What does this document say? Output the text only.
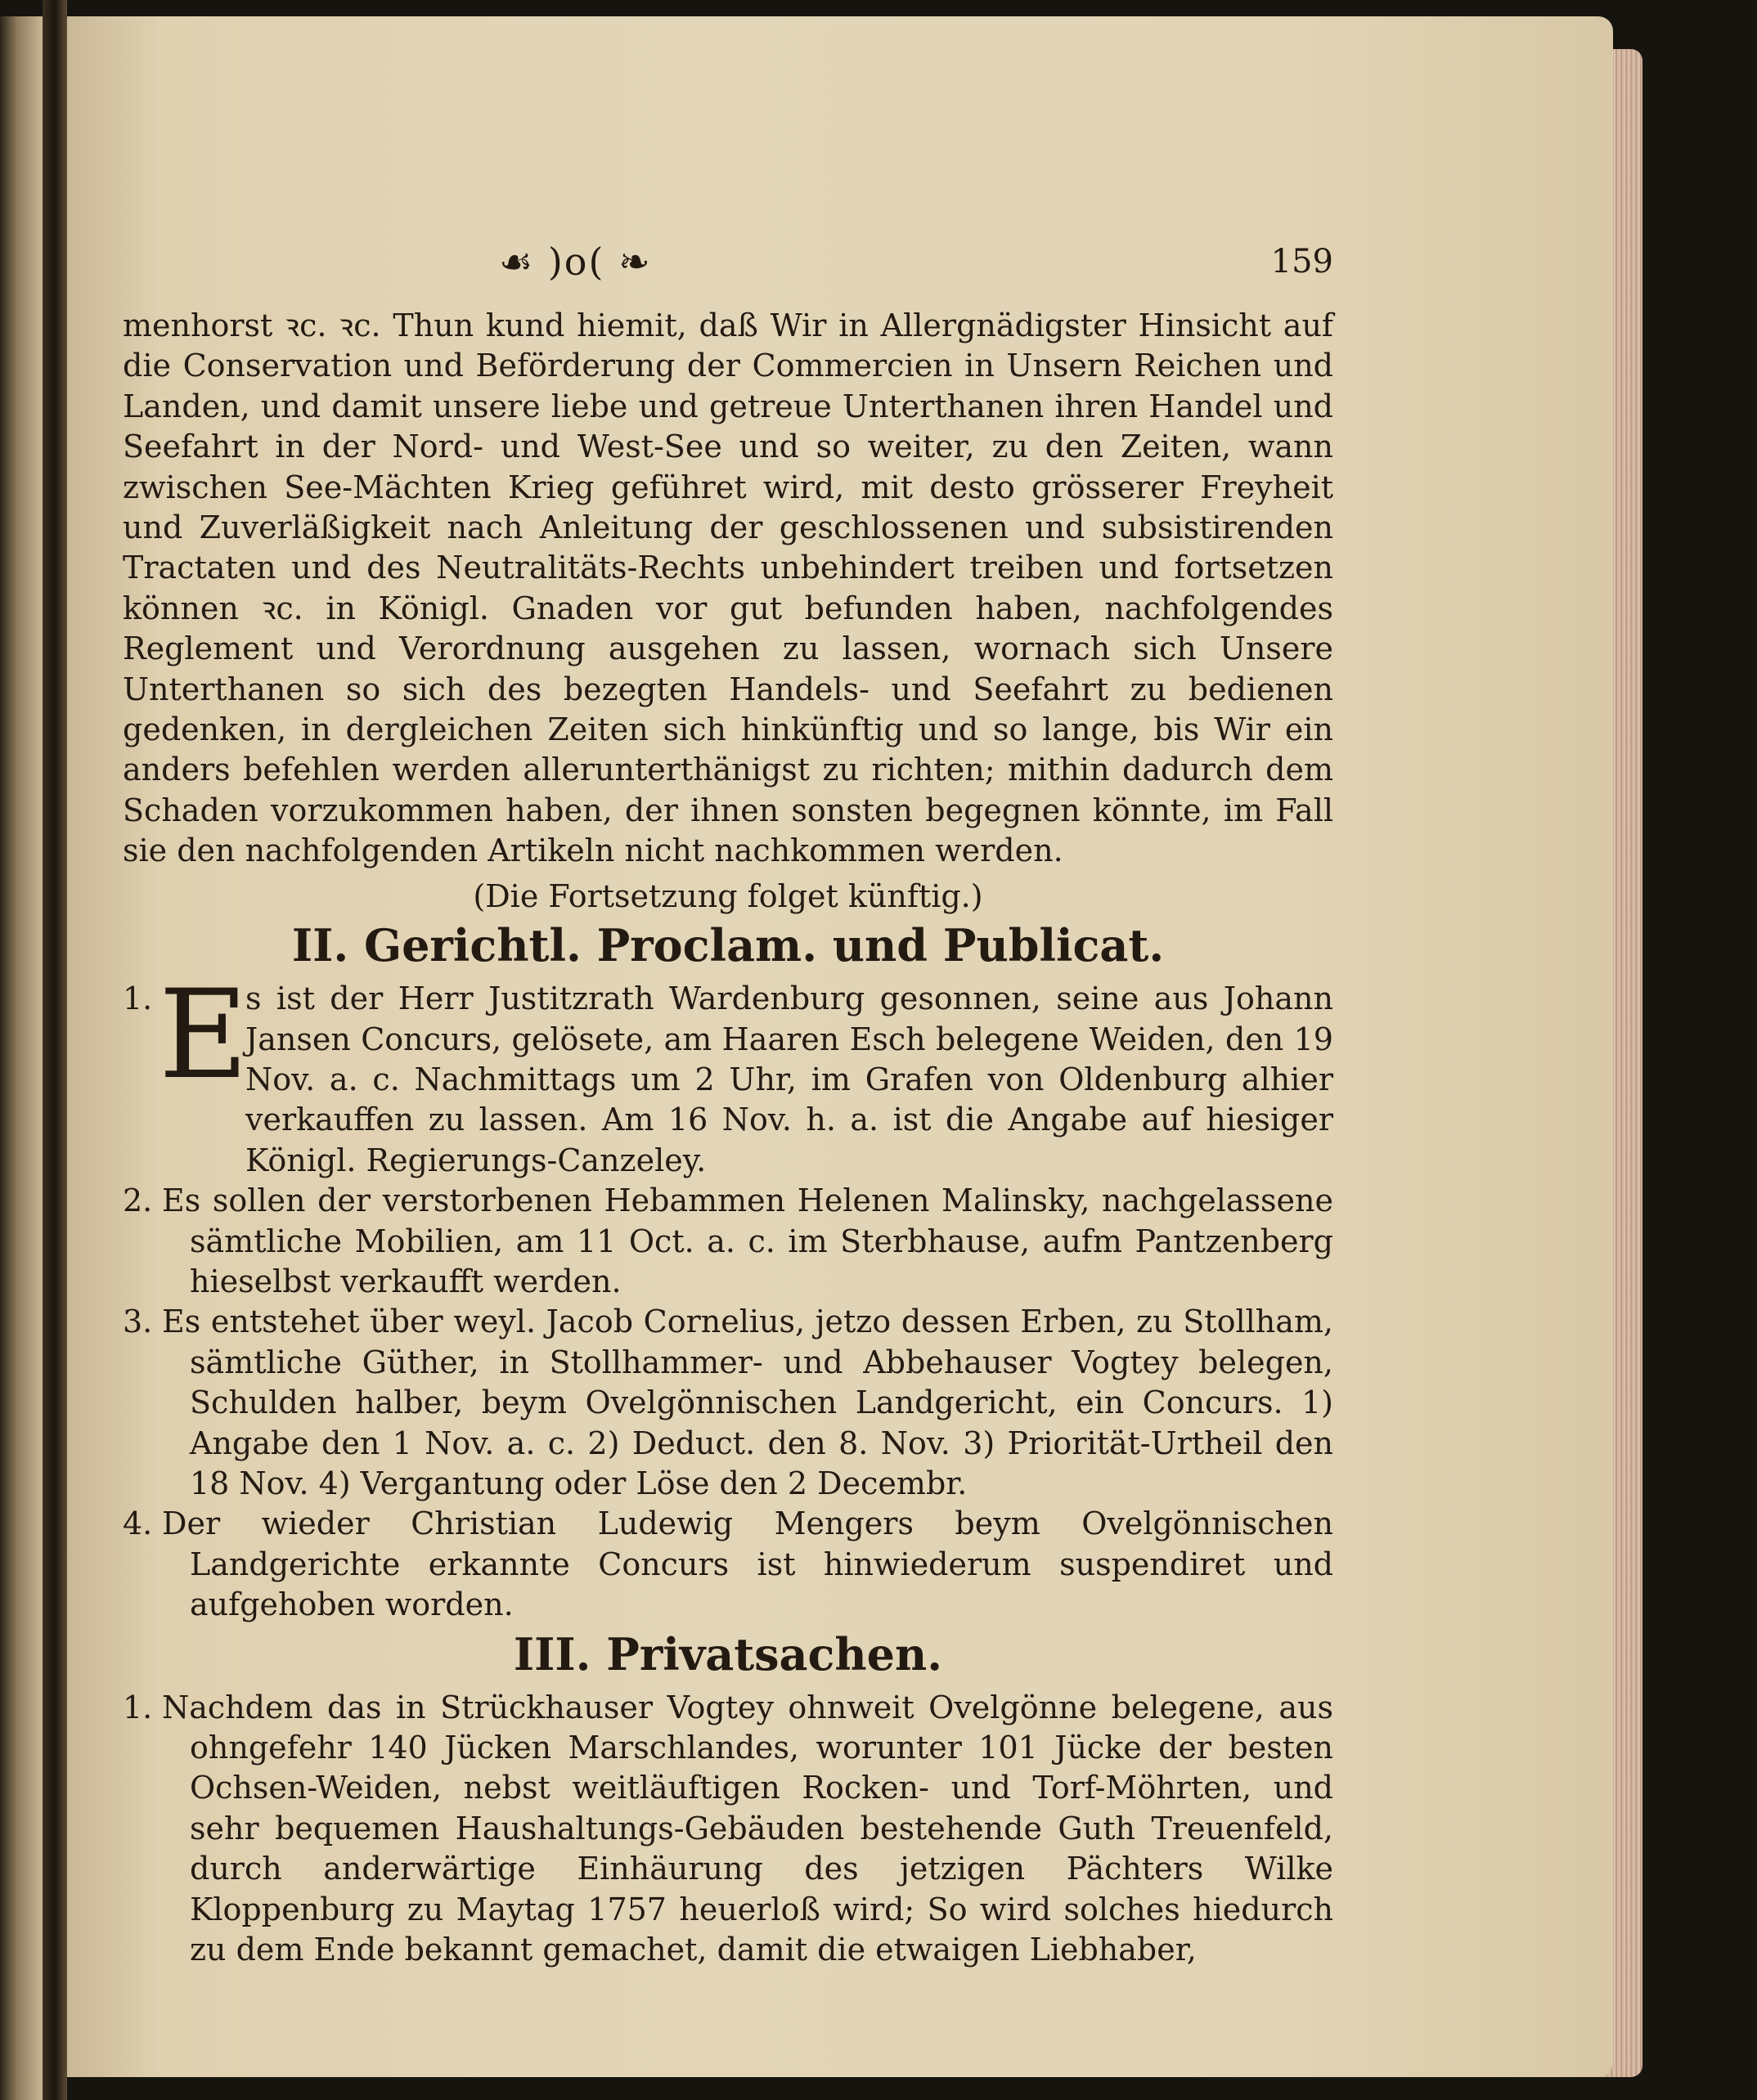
☙ )o( ❧	159

menhorst ꝛc. ꝛc. Thun kund hiemit, daß Wir in Allergnädigster Hinsicht auf die Conservation und Beförderung der Commercien in Unsern Reichen und Landen, und damit unsere liebe und getreue Unterthanen ihren Handel und Seefahrt in der Nord- und West-See und so weiter, zu den Zeiten, wann zwischen See-Mächten Krieg geführet wird, mit desto grösserer Freyheit und Zuverläßigkeit nach Anleitung der geschlossenen und subsistirenden Tractaten und des Neutralitäts-Rechts unbehindert treiben und fortsetzen können ꝛc. in Königl. Gnaden vor gut befunden haben, nachfolgendes Reglement und Verordnung ausgehen zu lassen, wornach sich Unsere Unterthanen so sich des bezegten Handels- und Seefahrt zu bedienen gedenken, in dergleichen Zeiten sich hinkünftig und so lange, bis Wir ein anders befehlen werden allerunterthänigst zu richten; mithin dadurch dem Schaden vorzukommen haben, der ihnen sonsten begegnen könnte, im Fall sie den nachfolgenden Artikeln nicht nachkommen werden.

(Die Fortsetzung folget künftig.)

II. Gerichtl. Proclam. und Publicat.
1. E

s ist der Herr Justitzrath Wardenburg gesonnen, seine aus Johann Jansen Concurs, gelösete, am Haaren Esch belegene Weiden, den 19 Nov. a. c. Nachmittags um 2 Uhr, im Grafen von Oldenburg alhier verkauffen zu lassen. Am 16 Nov. h. a. ist die Angabe auf hiesiger Königl. Regierungs-Canzeley.

2. Es sollen der verstorbenen Hebammen Helenen Malinsky, nachgelassene sämtliche Mobilien, am 11 Oct. a. c. im Sterbhause, aufm Pantzenberg hieselbst verkaufft werden.

3. Es entstehet über weyl. Jacob Cornelius, jetzo dessen Erben, zu Stollham, sämtliche Güther, in Stollhammer- und Abbehauser Vogtey belegen, Schulden halber, beym Ovelgönnischen Landgericht, ein Concurs. 1) Angabe den 1 Nov. a. c. 2) Deduct. den 8. Nov. 3) Priorität-Urtheil den 18 Nov. 4) Vergantung oder Löse den 2 Decembr.

4. Der wieder Christian Ludewig Mengers beym Ovelgönnischen Landgerichte erkannte Concurs ist hinwiederum suspendiret und aufgehoben worden.

III. Privatsachen.

1. Nachdem das in Strückhauser Vogtey ohnweit Ovelgönne belegene, aus ohngefehr 140 Jücken Marschlandes, worunter 101 Jücke der besten Ochsen-Weiden, nebst weitläuftigen Rocken- und Torf-Möhrten, und sehr bequemen Haushaltungs-Gebäuden bestehende Guth Treuenfeld, durch anderwärtige Einhäurung des jetzigen Pächters Wilke Kloppenburg zu Maytag 1757 heuerloß wird; So wird solches hiedurch zu dem Ende bekannt gemachet, damit die etwaigen Liebhaber,
